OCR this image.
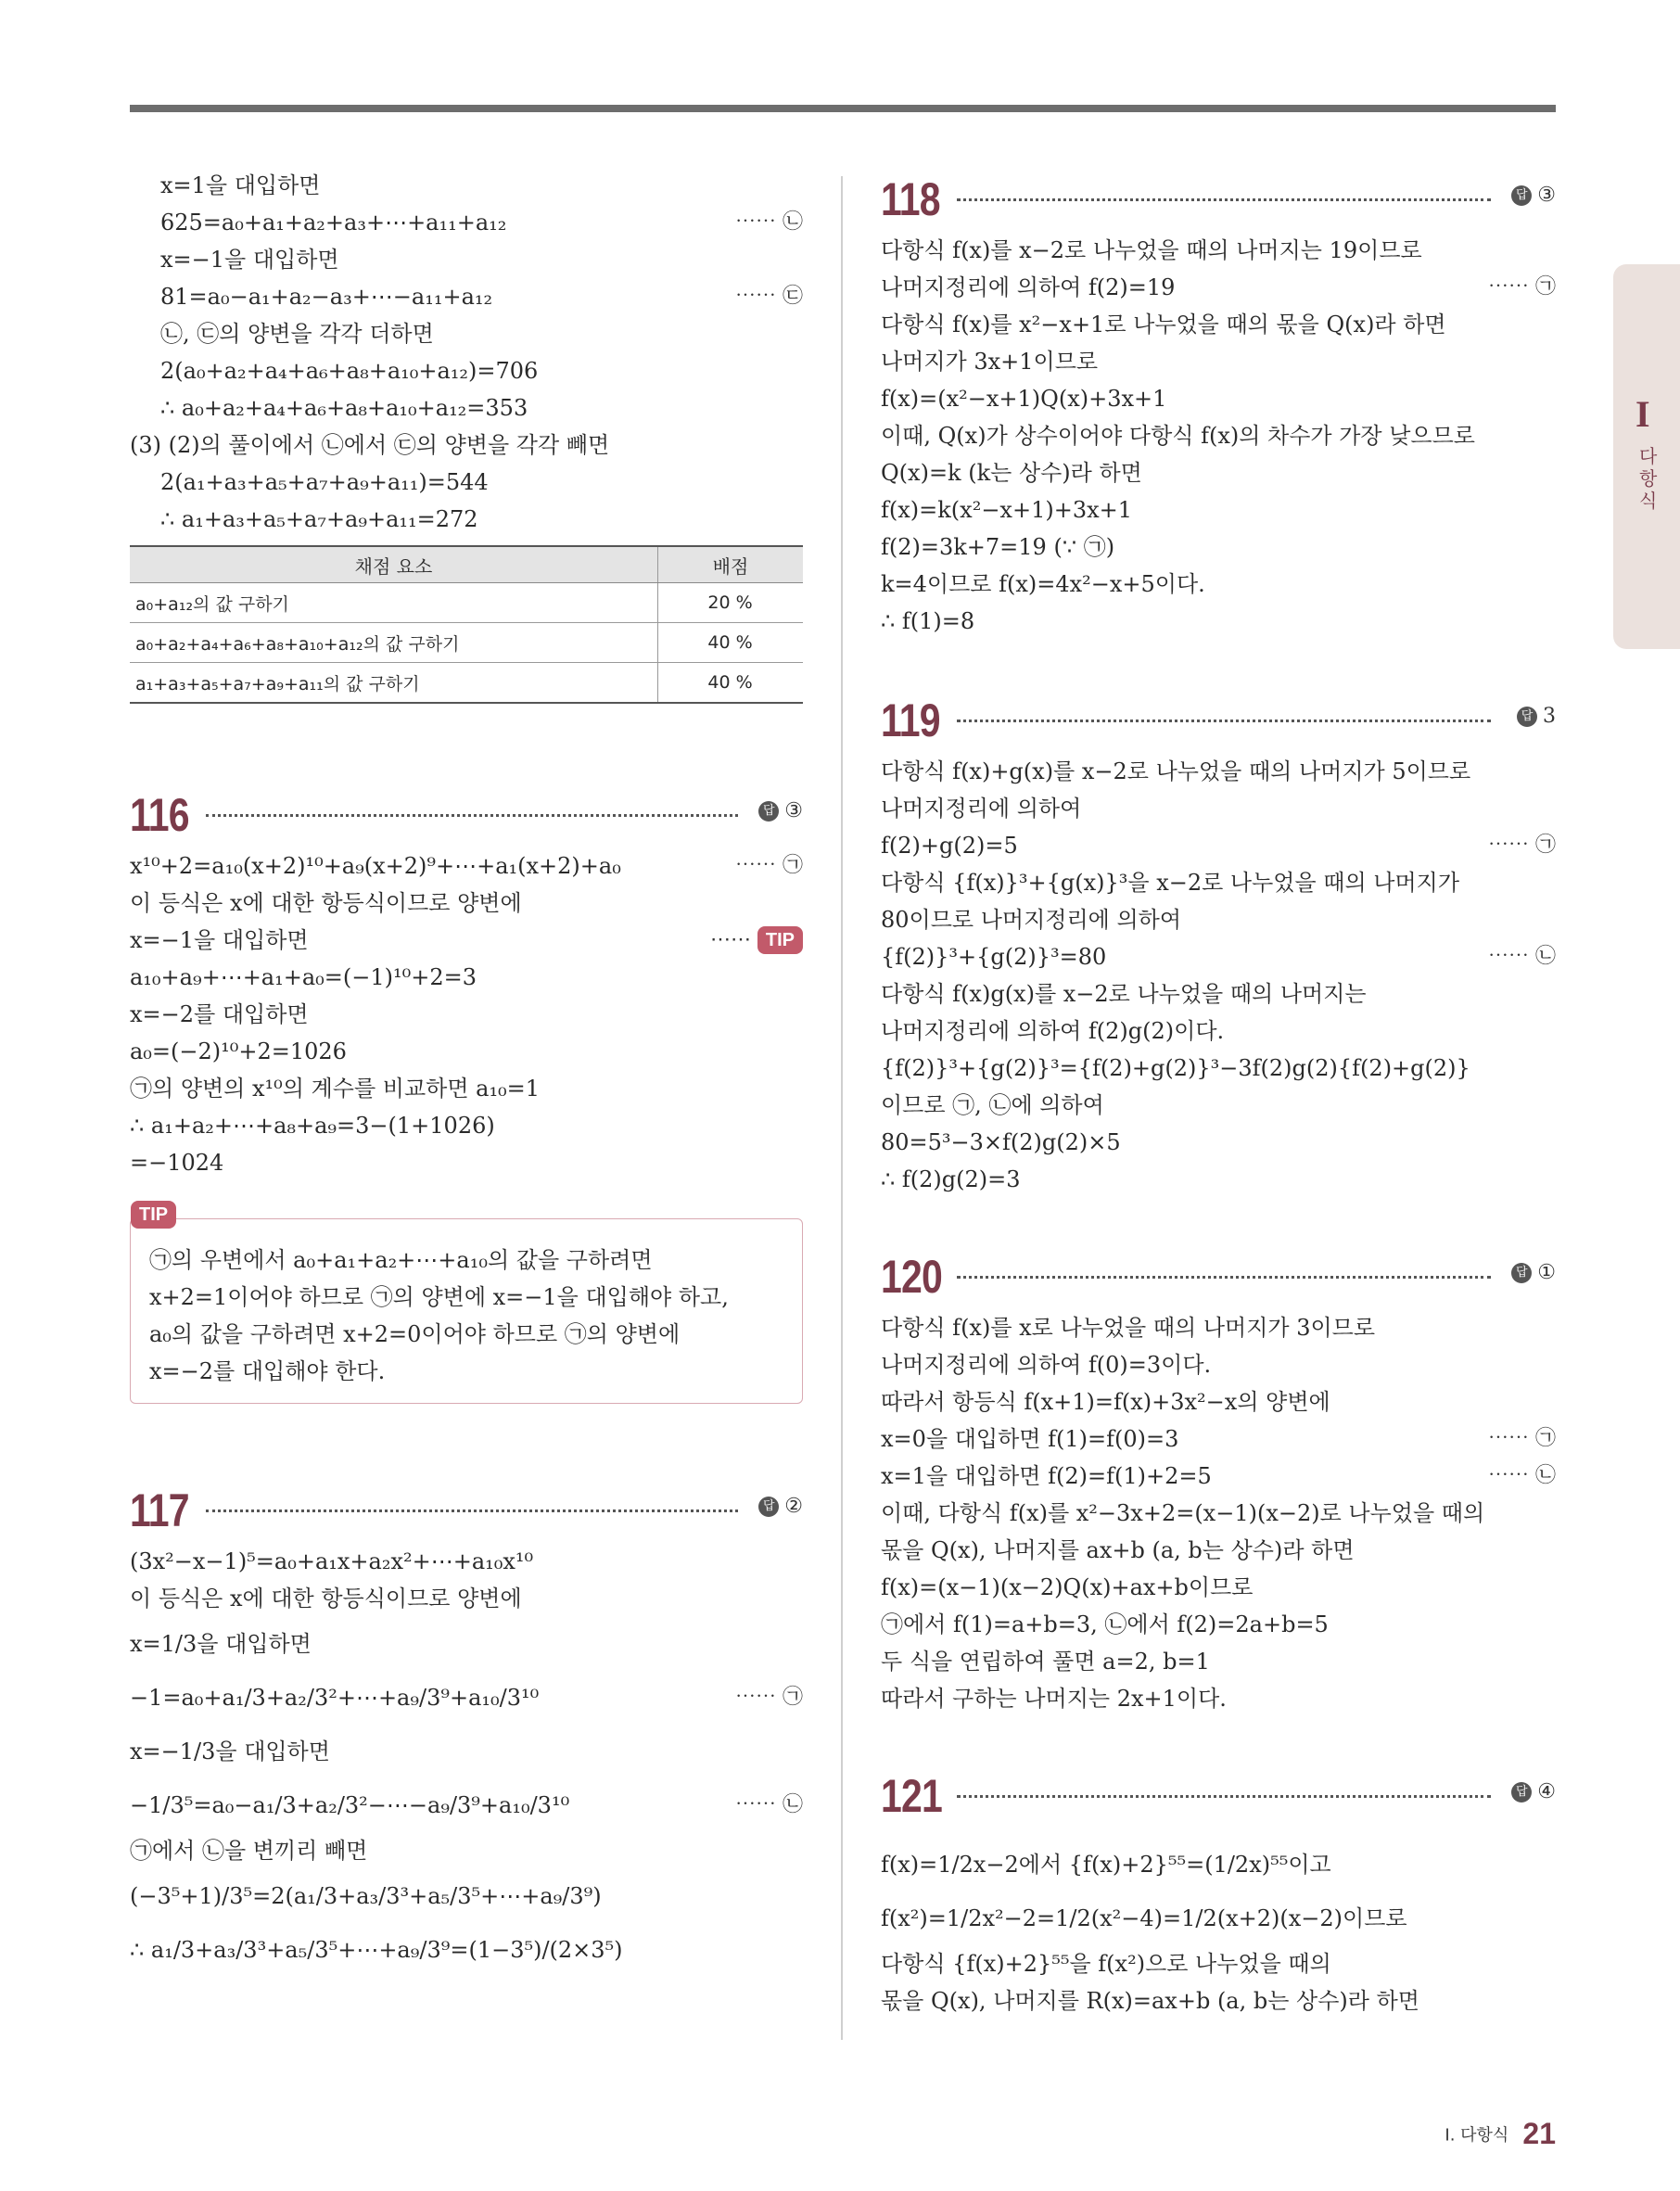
x=1을 대입하면
625=a₀+a₁+a₂+a₃+⋯+a₁₁+a₁₂	⋯⋯ ㉡
x=−1을 대입하면
81=a₀−a₁+a₂−a₃+⋯−a₁₁+a₁₂	⋯⋯ ㉢
㉡, ㉢의 양변을 각각 더하면
2(a₀+a₂+a₄+a₆+a₈+a₁₀+a₁₂)=706
∴ a₀+a₂+a₄+a₆+a₈+a₁₀+a₁₂=353
(3) (2)의 풀이에서 ㉡에서 ㉢의 양변을 각각 빼면
2(a₁+a₃+a₅+a₇+a₉+a₁₁)=544
∴ a₁+a₃+a₅+a₇+a₉+a₁₁=272
채점 요소	배점
a₀+a₁₂의 값 구하기	20 %
a₀+a₂+a₄+a₆+a₈+a₁₀+a₁₂의 값 구하기	40 %
a₁+a₃+a₅+a₇+a₉+a₁₁의 값 구하기	40 %
116	답 ③
x¹⁰+2=a₁₀(x+2)¹⁰+a₉(x+2)⁹+⋯+a₁(x+2)+a₀	⋯⋯ ㉠
이 등식은 x에 대한 항등식이므로 양변에
x=−1을 대입하면	⋯⋯ TIP
a₁₀+a₉+⋯+a₁+a₀=(−1)¹⁰+2=3
x=−2를 대입하면
a₀=(−2)¹⁰+2=1026
㉠의 양변의 x¹⁰의 계수를 비교하면 a₁₀=1
∴ a₁+a₂+⋯+a₈+a₉=3−(1+1026)
=−1024
TIP
㉠의 우변에서 a₀+a₁+a₂+⋯+a₁₀의 값을 구하려면
x+2=1이어야 하므로 ㉠의 양변에 x=−1을 대입해야 하고,
a₀의 값을 구하려면 x+2=0이어야 하므로 ㉠의 양변에
x=−2를 대입해야 한다.
117	답 ②
(3x²−x−1)⁵=a₀+a₁x+a₂x²+⋯+a₁₀x¹⁰
이 등식은 x에 대한 항등식이므로 양변에
x=1/3을 대입하면
−1=a₀+a₁/3+a₂/3²+⋯+a₉/3⁹+a₁₀/3¹⁰	⋯⋯ ㉠
x=−1/3을 대입하면
−1/3⁵=a₀−a₁/3+a₂/3²−⋯−a₉/3⁹+a₁₀/3¹⁰	⋯⋯ ㉡
㉠에서 ㉡을 변끼리 빼면
(−3⁵+1)/3⁵=2(a₁/3+a₃/3³+a₅/3⁵+⋯+a₉/3⁹)
∴ a₁/3+a₃/3³+a₅/3⁵+⋯+a₉/3⁹=(1−3⁵)/(2×3⁵)
118	답 ③
다항식 f(x)를 x−2로 나누었을 때의 나머지는 19이므로
나머지정리에 의하여 f(2)=19	⋯⋯ ㉠
다항식 f(x)를 x²−x+1로 나누었을 때의 몫을 Q(x)라 하면
나머지가 3x+1이므로
f(x)=(x²−x+1)Q(x)+3x+1
이때, Q(x)가 상수이어야 다항식 f(x)의 차수가 가장 낮으므로
Q(x)=k (k는 상수)라 하면
f(x)=k(x²−x+1)+3x+1
f(2)=3k+7=19 (∵ ㉠)
k=4이므로 f(x)=4x²−x+5이다.
∴ f(1)=8
119	답 3
다항식 f(x)+g(x)를 x−2로 나누었을 때의 나머지가 5이므로
나머지정리에 의하여
f(2)+g(2)=5	⋯⋯ ㉠
다항식 {f(x)}³+{g(x)}³을 x−2로 나누었을 때의 나머지가
80이므로 나머지정리에 의하여
{f(2)}³+{g(2)}³=80	⋯⋯ ㉡
다항식 f(x)g(x)를 x−2로 나누었을 때의 나머지는
나머지정리에 의하여 f(2)g(2)이다.
{f(2)}³+{g(2)}³={f(2)+g(2)}³−3f(2)g(2){f(2)+g(2)}
이므로 ㉠, ㉡에 의하여
80=5³−3×f(2)g(2)×5
∴ f(2)g(2)=3
120	답 ①
다항식 f(x)를 x로 나누었을 때의 나머지가 3이므로
나머지정리에 의하여 f(0)=3이다.
따라서 항등식 f(x+1)=f(x)+3x²−x의 양변에
x=0을 대입하면 f(1)=f(0)=3	⋯⋯ ㉠
x=1을 대입하면 f(2)=f(1)+2=5	⋯⋯ ㉡
이때, 다항식 f(x)를 x²−3x+2=(x−1)(x−2)로 나누었을 때의
몫을 Q(x), 나머지를 ax+b (a, b는 상수)라 하면
f(x)=(x−1)(x−2)Q(x)+ax+b이므로
㉠에서 f(1)=a+b=3, ㉡에서 f(2)=2a+b=5
두 식을 연립하여 풀면 a=2, b=1
따라서 구하는 나머지는 2x+1이다.
121	답 ④
f(x)=1/2x−2에서 {f(x)+2}⁵⁵=(1/2x)⁵⁵이고
f(x²)=1/2x²−2=1/2(x²−4)=1/2(x+2)(x−2)이므로
다항식 {f(x)+2}⁵⁵을 f(x²)으로 나누었을 때의
몫을 Q(x), 나머지를 R(x)=ax+b (a, b는 상수)라 하면
I
다항식
I. 다항식 21
